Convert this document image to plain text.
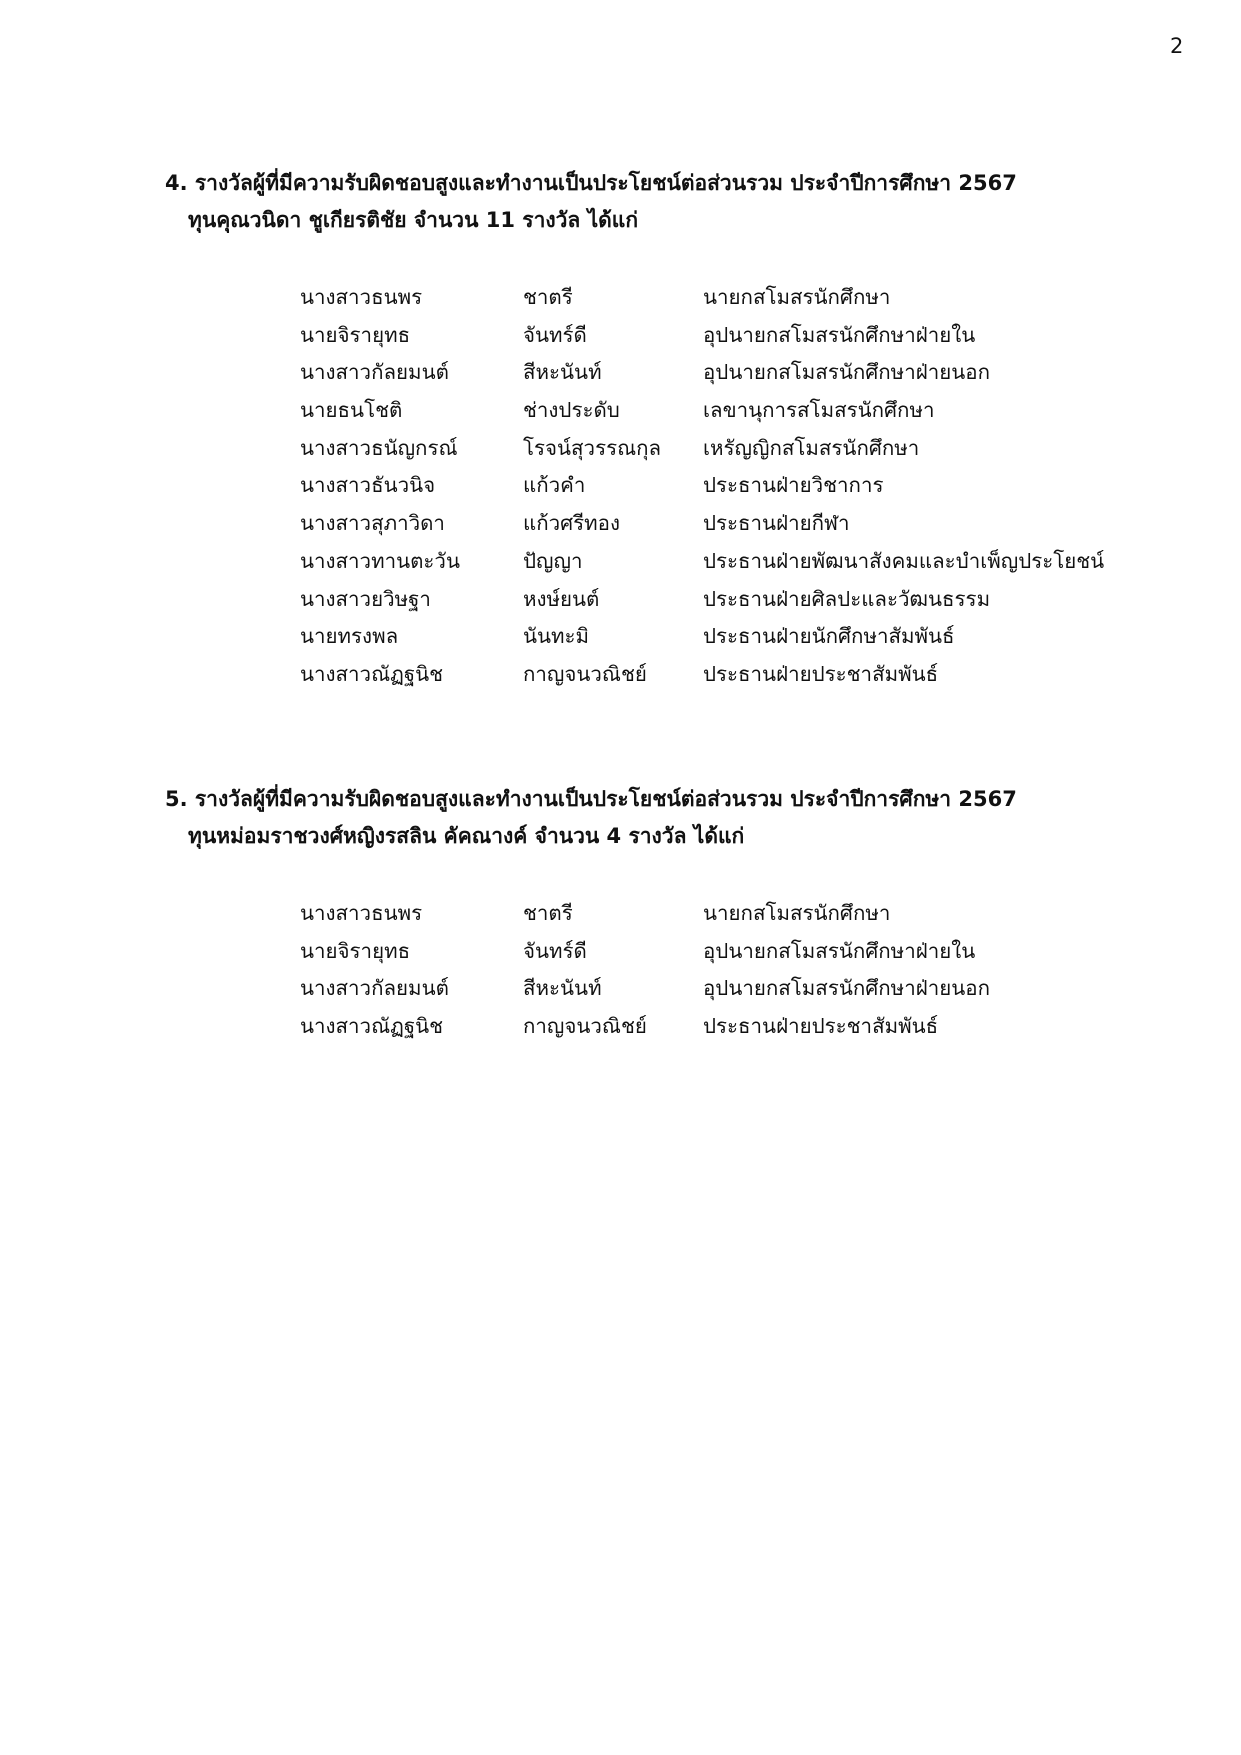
2
4. รางวัลผู้ที่มีความรับผิดชอบสูงและทำงานเป็นประโยชน์ต่อส่วนรวม ประจำปีการศึกษา 2567
ทุนคุณวนิดา ชูเกียรติชัย จำนวน 11 รางวัล ได้แก่
นางสาวธนพร	ชาตรี	นายกสโมสรนักศึกษา
นายจิรายุทธ	จันทร์ดี	อุปนายกสโมสรนักศึกษาฝ่ายใน
นางสาวกัลยมนต์	สีหะนันท์	อุปนายกสโมสรนักศึกษาฝ่ายนอก
นายธนโชติ	ช่างประดับ	เลขานุการสโมสรนักศึกษา
นางสาวธนัญกรณ์	โรจน์สุวรรณกุล	เหรัญญิกสโมสรนักศึกษา
นางสาวธันวนิจ	แก้วคำ	ประธานฝ่ายวิชาการ
นางสาวสุภาวิดา	แก้วศรีทอง	ประธานฝ่ายกีฬา
นางสาวทานตะวัน	ปัญญา	ประธานฝ่ายพัฒนาสังคมและบำเพ็ญประโยชน์
นางสาวยวิษฐา	หงษ์ยนต์	ประธานฝ่ายศิลปะและวัฒนธรรม
นายทรงพล	นันทะมิ	ประธานฝ่ายนักศึกษาสัมพันธ์
นางสาวณัฏฐนิช	กาญจนวณิชย์	ประธานฝ่ายประชาสัมพันธ์
5. รางวัลผู้ที่มีความรับผิดชอบสูงและทำงานเป็นประโยชน์ต่อส่วนรวม ประจำปีการศึกษา 2567
ทุนหม่อมราชวงศ์หญิงรสลิน คัคณางค์ จำนวน 4 รางวัล ได้แก่
นางสาวธนพร	ชาตรี	นายกสโมสรนักศึกษา
นายจิรายุทธ	จันทร์ดี	อุปนายกสโมสรนักศึกษาฝ่ายใน
นางสาวกัลยมนต์	สีหะนันท์	อุปนายกสโมสรนักศึกษาฝ่ายนอก
นางสาวณัฏฐนิช	กาญจนวณิชย์	ประธานฝ่ายประชาสัมพันธ์
